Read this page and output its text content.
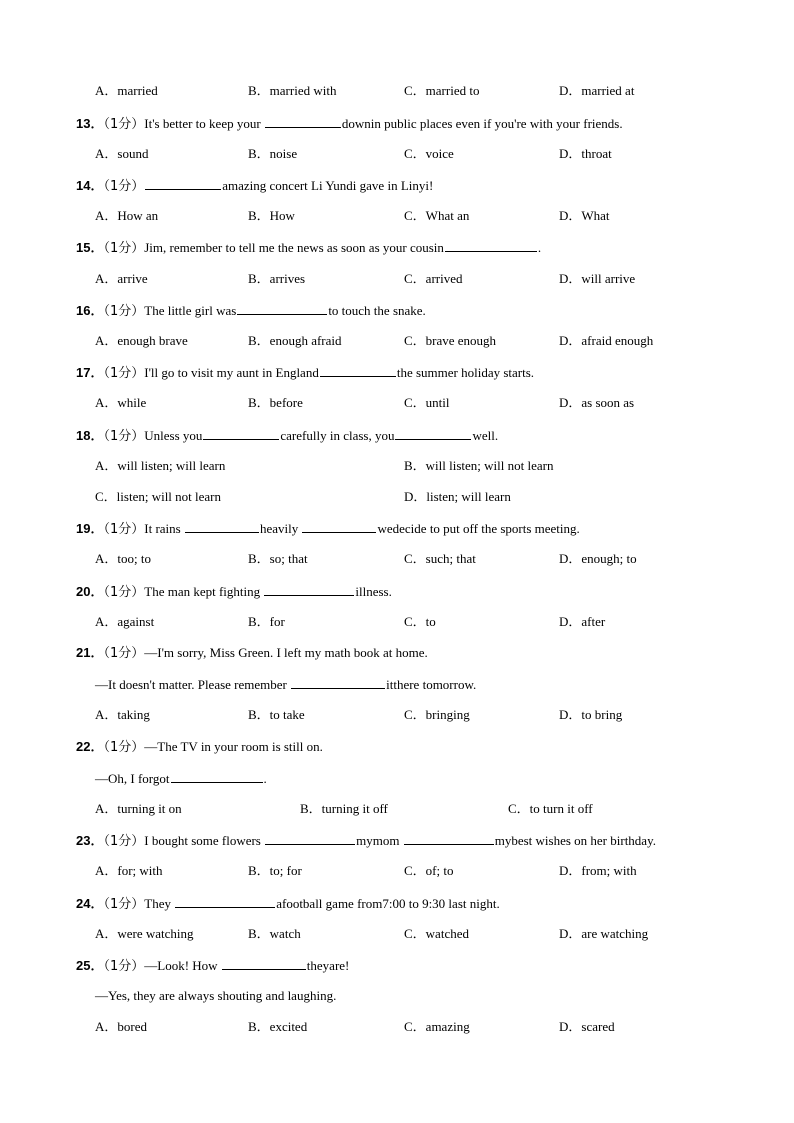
A．married	B．married with	C．married to	D．married at
13．（1分）It's better to keep your	downin public places even if you're with your friends.
A．sound	B．noise	C．voice	D．throat
14．（1分）	amazing concert Li Yundi gave in Linyi!
A．How an	B．How	C．What an	D．What
15．（1分）Jim, remember to tell me the news as soon as your cousin	.
A．arrive	B．arrives	C．arrived	D．will arrive
16．（1分）The little girl was	to touch the snake.
A．enough brave	B．enough afraid	C．brave enough	D．afraid enough
17．（1分）I'll go to visit my aunt in England	the summer holiday starts.
A．while	B．before	C．until	D．as soon as
18．（1分）Unless you	carefully in class, you	well.
A．will listen; will learn	B．will listen; will not learn
C．listen; will not learn	D．listen; will learn
19．（1分）It rains	heavily	wedecide to put off the sports meeting.
A．too; to	B．so; that	C．such; that	D．enough; to
20．（1分）The man kept fighting	illness.
A．against	B．for	C．to	D．after
21．（1分）—I'm sorry, Miss Green. I left my math book at home.
—It doesn't matter. Please remember	itthere tomorrow.
A．taking	B．to take	C．bringing	D．to bring
22．（1分）—The TV in your room is still on.
—Oh, I forgot	.
A．turning it on	B．turning it off	C．to turn it off
23．（1分）I bought some flowers	mymom	mybest wishes on her birthday.
A．for; with	B．to; for	C．of; to	D．from; with
24．（1分）They	afootball game from7:00 to 9:30 last night.
A．were watching	B．watch	C．watched	D．are watching
25．（1分）—Look! How	theyare!
—Yes, they are always shouting and laughing.
A．bored	B．excited	C．amazing	D．scared
